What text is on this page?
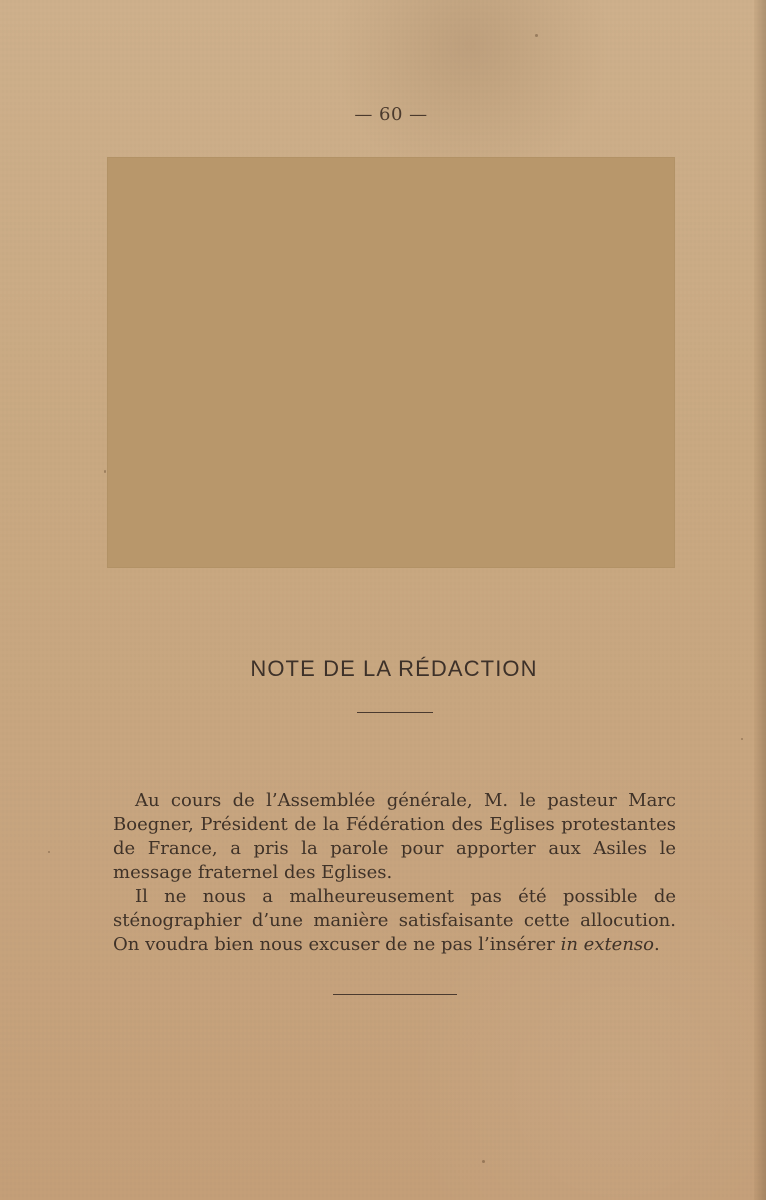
— 60 —
NOTE DE LA RÉDACTION

Au cours de l’Assemblée générale, M. le pasteur Marc Boegner, Président de la Fédération des Eglises protestantes de France, a pris la parole pour apporter aux Asiles le message fraternel des Eglises.

Il ne nous a malheureusement pas été possible de sténographier d’une manière satisfaisante cette allocution. On voudra bien nous excuser de ne pas l’insérer in extenso.
